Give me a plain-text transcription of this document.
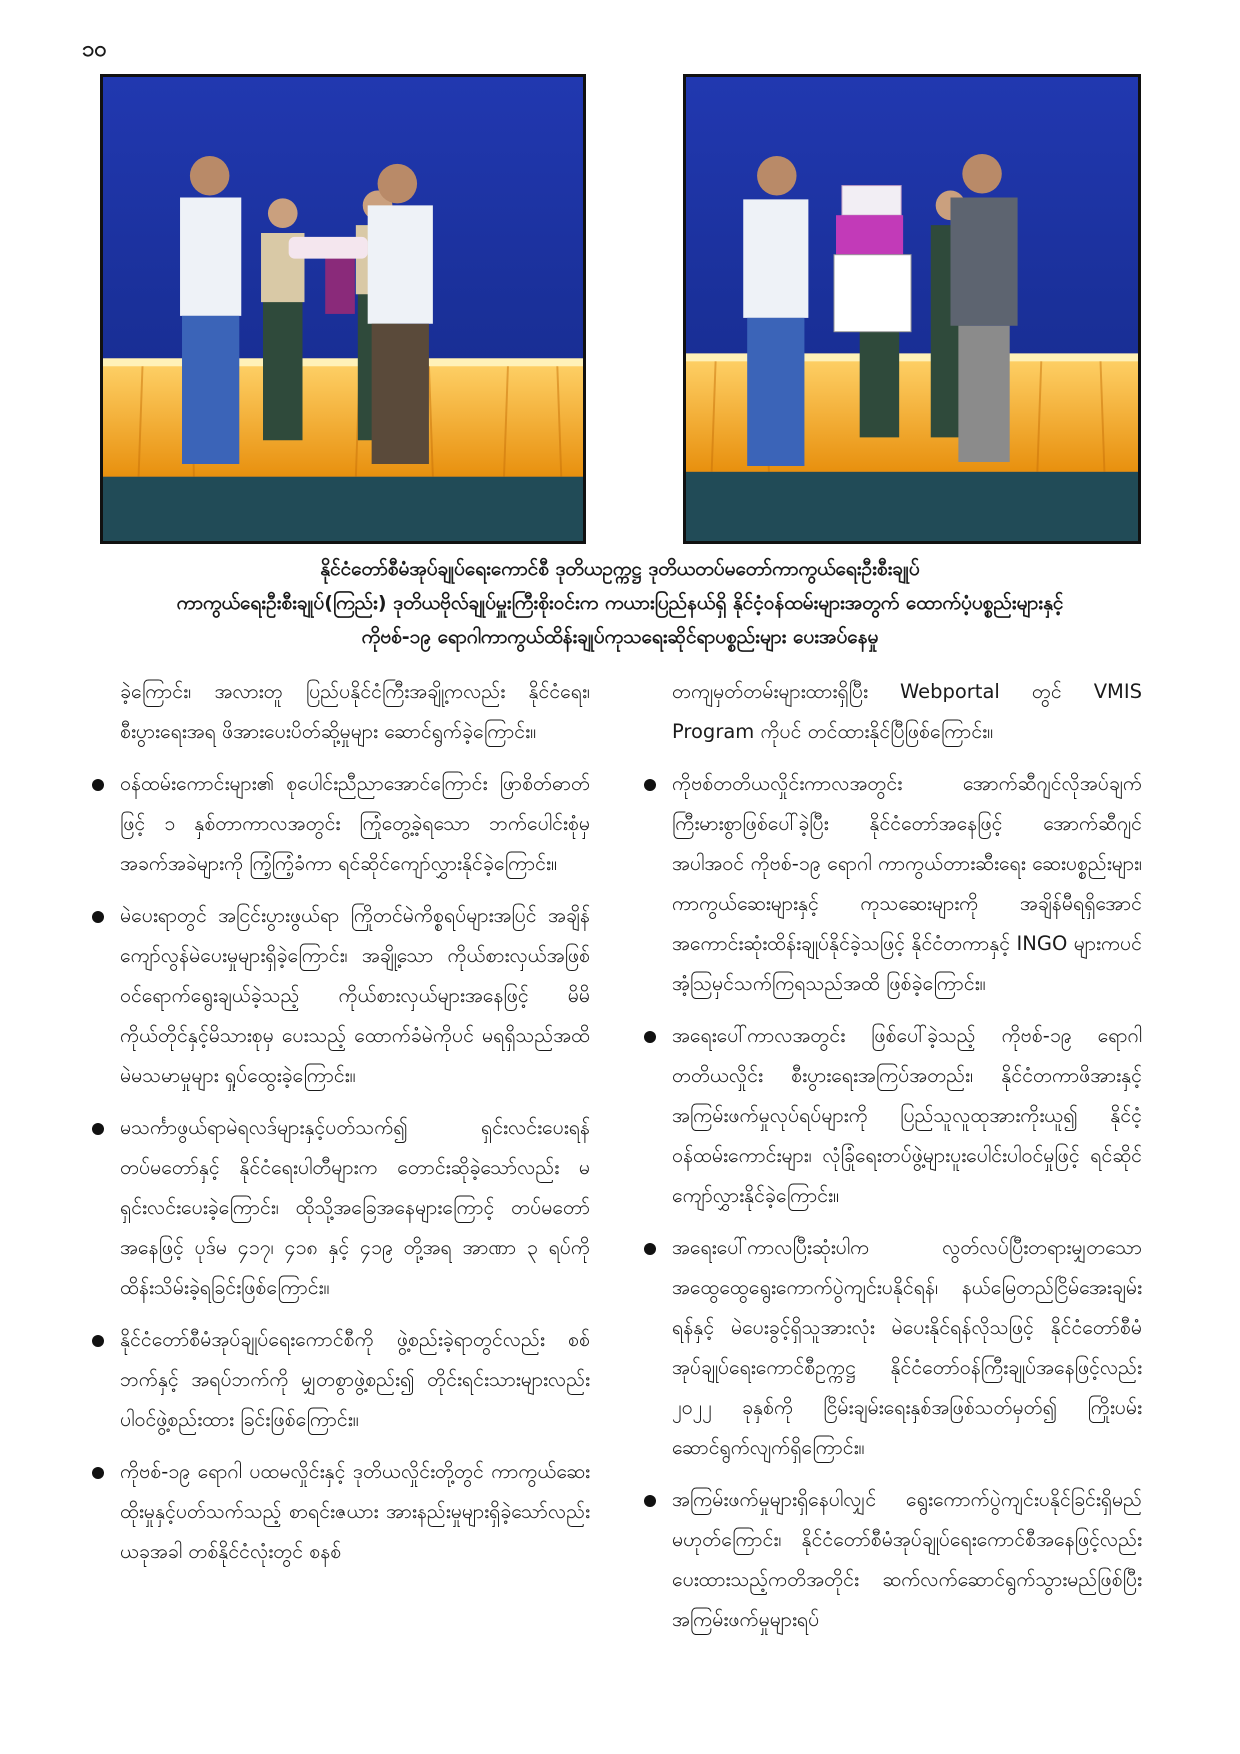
၁၀
နိုင်ငံတော်စီမံအုပ်ချုပ်ရေးကောင်စီ ဒုတိယဥက္ကဋ္ဌ ဒုတိယတပ်မတော်ကာကွယ်ရေးဦးစီးချုပ်
ကာကွယ်ရေးဦးစီးချုပ်(ကြည်း) ဒုတိယဗိုလ်ချုပ်မှူးကြီးစိုးဝင်းက ကယားပြည်နယ်ရှိ နိုင်ငံ့ဝန်ထမ်းများအတွက် ထောက်ပံ့ပစ္စည်းများနှင့်
ကိုဗစ်-၁၉ ရောဂါကာကွယ်ထိန်းချုပ်ကုသရေးဆိုင်ရာပစ္စည်းများ ပေးအပ်နေမှု

ခဲ့ကြောင်း၊ အလားတူ ပြည်ပနိုင်ငံကြီးအချို့ကလည်း နိုင်ငံရေး၊ စီးပွားရေးအရ ဖိအားပေးပိတ်ဆို့မှုများ ဆောင်ရွက်ခဲ့ကြောင်း။

ဝန်ထမ်းကောင်းများ၏ စုပေါင်းညီညာအောင်ကြောင်း ဖြာစိတ်ဓာတ်ဖြင့် ၁ နှစ်တာကာလအတွင်း ကြုံတွေ့ခဲ့ရသော ဘက်ပေါင်းစုံမှ အခက်အခဲများကို ကြံ့ကြံ့ခံကာ ရင်ဆိုင်ကျော်လွှားနိုင်ခဲ့ကြောင်း။
မဲပေးရာတွင် အငြင်းပွားဖွယ်ရာ ကြိုတင်မဲကိစ္စရပ်များအပြင် အချိန်ကျော်လွန်မဲပေးမှုများရှိခဲ့ကြောင်း၊ အချို့သော ကိုယ်စားလှယ်အဖြစ် ဝင်ရောက်ရွေးချယ်ခဲ့သည့် ကိုယ်စားလှယ်များအနေဖြင့် မိမိကိုယ်တိုင်နှင့်မိသားစုမှ ပေးသည့် ထောက်ခံမဲကိုပင် မရရှိသည်အထိ မဲမသမာမှုများ ရှုပ်ထွေးခဲ့ကြောင်း။
မသင်္ကာဖွယ်ရာမဲရလဒ်များနှင့်ပတ်သက်၍ ရှင်းလင်းပေးရန် တပ်မတော်နှင့် နိုင်ငံရေးပါတီများက တောင်းဆိုခဲ့သော်လည်း မရှင်းလင်းပေးခဲ့ကြောင်း၊ ထိုသို့အခြေအနေများကြောင့် တပ်မတော်အနေဖြင့် ပုဒ်မ ၄၁၇၊ ၄၁၈ နှင့် ၄၁၉ တို့အရ အာဏာ ၃ ရပ်ကိုထိန်းသိမ်းခဲ့ရခြင်းဖြစ်ကြောင်း။
နိုင်ငံတော်စီမံအုပ်ချုပ်ရေးကောင်စီကို ဖွဲ့စည်းခဲ့ရာတွင်လည်း စစ်ဘက်နှင့် အရပ်ဘက်ကို မျှတစွာဖွဲ့စည်း၍ တိုင်းရင်းသားများလည်း ပါဝင်ဖွဲ့စည်းထား ခြင်းဖြစ်ကြောင်း။
ကိုဗစ်-၁၉ ရောဂါ ပထမလှိုင်းနှင့် ဒုတိယလှိုင်းတို့တွင် ကာကွယ်ဆေးထိုးမှုနှင့်ပတ်သက်သည့် စာရင်းဇယား အားနည်းမှုများရှိခဲ့သော်လည်း ယခုအခါ တစ်နိုင်ငံလုံးတွင် စနစ်

တကျမှတ်တမ်းများထားရှိပြီး Webportal တွင် VMIS Program ကိုပင် တင်ထားနိုင်ပြီဖြစ်ကြောင်း။

ကိုဗစ်တတိယလှိုင်းကာလအတွင်း အောက်ဆီဂျင်လိုအပ်ချက် ကြီးမားစွာဖြစ်ပေါ်ခဲ့ပြီး နိုင်ငံတော်အနေဖြင့် အောက်ဆီဂျင်အပါအဝင် ကိုဗစ်-၁၉ ရောဂါ ကာကွယ်တားဆီးရေး ဆေးပစ္စည်းများ၊ ကာကွယ်ဆေးများနှင့် ကုသဆေးများကို အချိန်မီရရှိအောင် အကောင်းဆုံးထိန်းချုပ်နိုင်ခဲ့သဖြင့် နိုင်ငံတကာနှင့် INGO များကပင် အံ့သြမှင်သက်ကြရသည်အထိ ဖြစ်ခဲ့ကြောင်း။
အရေးပေါ်ကာလအတွင်း ဖြစ်ပေါ်ခဲ့သည့် ကိုဗစ်-၁၉ ရောဂါ တတိယလှိုင်း စီးပွားရေးအကြပ်အတည်း၊ နိုင်ငံတကာဖိအားနှင့် အကြမ်းဖက်မှုလုပ်ရပ်များကို ပြည်သူလူထုအားကိုးယူ၍ နိုင်ငံ့ဝန်ထမ်းကောင်းများ၊ လုံခြုံရေးတပ်ဖွဲ့များပူးပေါင်းပါဝင်မှုဖြင့် ရင်ဆိုင်ကျော်လွှားနိုင်ခဲ့ကြောင်း။
အရေးပေါ်ကာလပြီးဆုံးပါက လွတ်လပ်ပြီးတရားမျှတသော အထွေထွေရွေးကောက်ပွဲကျင်းပနိုင်ရန်၊ နယ်မြေတည်ငြိမ်အေးချမ်းရန်နှင့် မဲပေးခွင့်ရှိသူအားလုံး မဲပေးနိုင်ရန်လိုသဖြင့် နိုင်ငံတော်စီမံအုပ်ချုပ်ရေးကောင်စီဥက္ကဋ္ဌ နိုင်ငံတော်ဝန်ကြီးချုပ်အနေဖြင့်လည်း ၂၀၂၂ ခုနှစ်ကို ငြိမ်းချမ်းရေးနှစ်အဖြစ်သတ်မှတ်၍ ကြိုးပမ်းဆောင်ရွက်လျက်ရှိကြောင်း။
အကြမ်းဖက်မှုများရှိနေပါလျှင် ရွေးကောက်ပွဲကျင်းပနိုင်ခြင်းရှိမည်မဟုတ်ကြောင်း၊ နိုင်ငံတော်စီမံအုပ်ချုပ်ရေးကောင်စီအနေဖြင့်လည်း ပေးထားသည့်ကတိအတိုင်း ဆက်လက်ဆောင်ရွက်သွားမည်ဖြစ်ပြီး အကြမ်းဖက်မှုများရပ်
